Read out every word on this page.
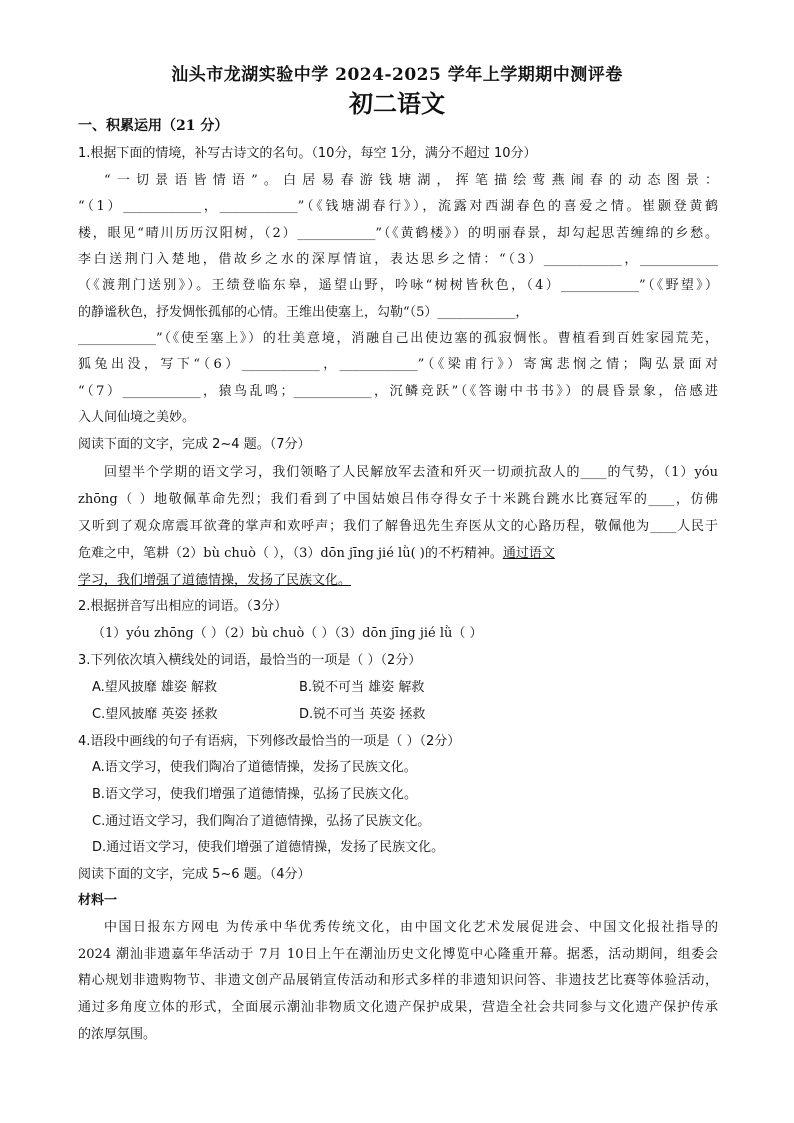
汕头市龙湖实验中学 2024-2025 学年上学期期中测评卷
初二语文
一、积累运用（21 分）
1.根据下面的情境，补写古诗文的名句。（10分，每空 1分，满分不超过 10分）
“一切景语皆情语”。白居易春游钱塘湖，挥笔描绘莺燕闹春的动态图景：
“（1）____________，____________”（《钱塘湖春行》），流露对西湖春色的喜爱之情。崔颢登黄鹤
楼，眼见“晴川历历汉阳树，（2）____________”（《黄鹤楼》）的明丽春景，却勾起思苦缠绵的乡愁。
李白送荆门入楚地，借故乡之水的深厚情谊，表达思乡之情：“（3）____________，____________
（《渡荆门送别》）。王绩登临东皋，遥望山野，吟咏“树树皆秋色，（4）____________”（《野望》）
的静谧秋色，抒发惆怅孤郁的心情。王维出使塞上，勾勒“（5）____________，
____________”（《使至塞上》）的壮美意境，消融自己出使边塞的孤寂惆怅。曹植看到百姓家园荒芜，
狐兔出没，写下“（6）____________，____________”（《梁甫行》）寄寓悲悯之情；陶弘景面对
“（7）____________，猿鸟乱鸣；____________，沉鳞竞跃”（《答谢中书书》）的晨昏景象，倍感进
入人间仙境之美妙。
阅读下面的文字，完成 2~4 题。（7分）
回望半个学期的语文学习，我们领略了人民解放军去渣和歼灭一切顽抗敌人的____的气势，（1）yóu
zhōng（ ）地敬佩革命先烈；我们看到了中国姑娘吕伟夺得女子十米跳台跳水比赛冠军的____，仿佛
又听到了观众席震耳欲聋的掌声和欢呼声；我们了解鲁迅先生弃医从文的心路历程，敬佩他为____人民于
危难之中，笔耕（2）bù chuò（ ），（3）dōn jīng jié lǜ( )的不朽精神。通过语文
学习，我们增强了道德情操，发扬了民族文化。
2.根据拼音写出相应的词语。（3分）
（1）yóu zhōng（ ）（2）bù chuò（ ）（3）dōn jīng jié lǜ（ ）
3.下列依次填入横线处的词语，最恰当的一项是（ ）（2分）
A.望风披靡 雄姿 解救	B.锐不可当 雄姿 解救
C.望风披靡 英姿 拯救	D.锐不可当 英姿 拯救
4.语段中画线的句子有语病，下列修改最恰当的一项是（ ）（2分）
A.语文学习，使我们陶冶了道德情操，发扬了民族文化。
B.语文学习，使我们增强了道德情操，弘扬了民族文化。
C.通过语文学习，我们陶冶了道德情操，弘扬了民族文化。
D.通过语文学习，使我们增强了道德情操，发扬了民族文化。
阅读下面的文字，完成 5~6 题。（4分）
材料一
中国日报东方网电 为传承中华优秀传统文化，由中国文化艺术发展促进会、中国文化报社指导的
2024 潮汕非遗嘉年华活动于 7月 10日上午在潮汕历史文化博览中心隆重开幕。据悉，活动期间，组委会
精心规划非遗购物节、非遗文创产品展销宣传活动和形式多样的非遗知识问答、非遗技艺比赛等体验活动，
通过多角度立体的形式，全面展示潮汕非物质文化遗产保护成果，营造全社会共同参与文化遗产保护传承
的浓厚氛围。
